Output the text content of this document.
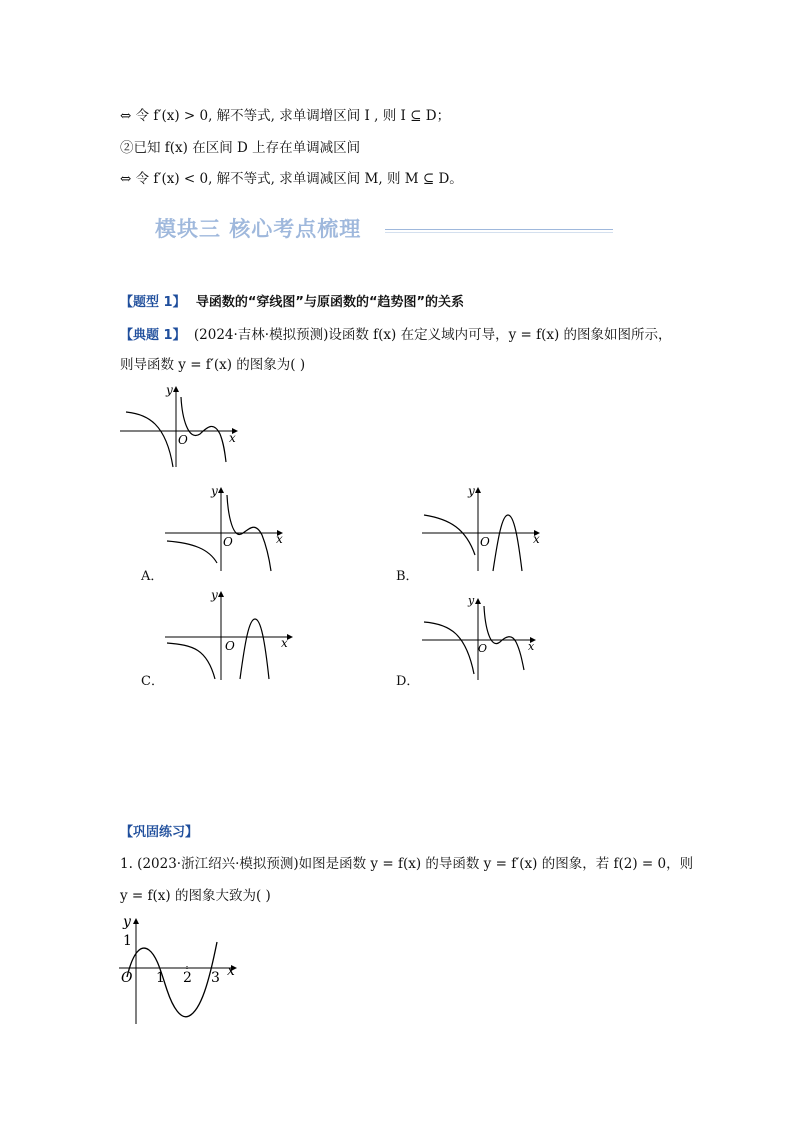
⇔ 令 f′(x) > 0, 解不等式, 求单调增区间 I , 则 I ⊆ D；
②已知 f(x) 在区间 D 上存在单调减区间
⇔ 令 f′(x) < 0, 解不等式, 求单调减区间 M, 则 M ⊆ D。
模块三 核心考点梳理
【题型 1】 导函数的“穿线图”与原函数的“趋势图”的关系
【典题 1】 (2024·吉林·模拟预测)设函数 f(x) 在定义域内可导，y = f(x) 的图象如图所示，
则导函数 y = f′(x) 的图象为( )
y
x
O
y
x
O
A．
y
x
O
B．
y
x
O
C．
y
x
O
D．
【巩固练习】
1. (2023·浙江绍兴·模拟预测)如图是函数 y = f(x) 的导函数 y = f′(x) 的图象，若 f(2) = 0，则
y = f(x) 的图象大致为( )
y
1
O 1 2 3 x
